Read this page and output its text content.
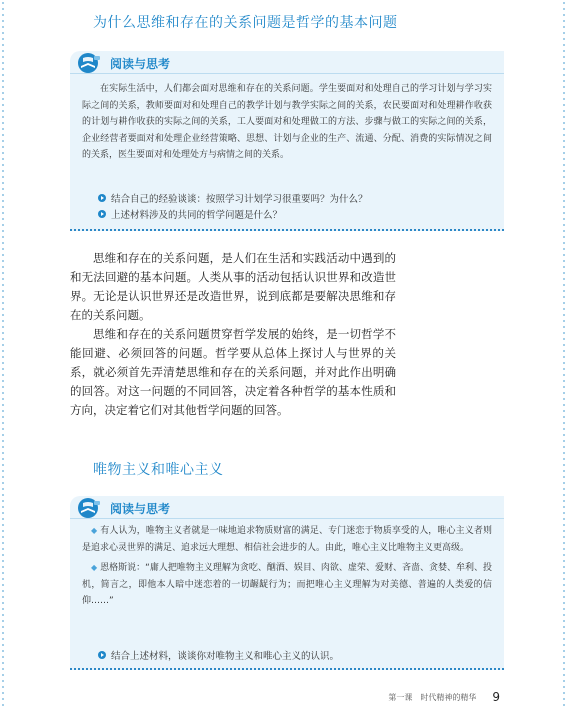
为什么思维和存在的关系问题是哲学的基本问题
阅读与思考
在实际生活中，人们都会面对思维和存在的关系问题。学生要面对和处理自己的学习计划与学习实际之间的关系，教师要面对和处理自己的教学计划与教学实际之间的关系，农民要面对和处理耕作收获的计划与耕作收获的实际之间的关系，工人要面对和处理做工的方法、步骤与做工的实际之间的关系，企业经营者要面对和处理企业经营策略、思想、计划与企业的生产、流通、分配、消费的实际情况之间的关系，医生要面对和处理处方与病情之间的关系。
结合自己的经验谈谈：按照学习计划学习很重要吗？为什么？
上述材料涉及的共同的哲学问题是什么？

思维和存在的关系问题，是人们在生活和实践活动中遇到的和无法回避的基本问题。人类从事的活动包括认识世界和改造世界。无论是认识世界还是改造世界，说到底都是要解决思维和存在的关系问题。

思维和存在的关系问题贯穿哲学发展的始终，是一切哲学不能回避、必须回答的问题。哲学要从总体上探讨人与世界的关系，就必须首先弄清楚思维和存在的关系问题，并对此作出明确的回答。对这一问题的不同回答，决定着各种哲学的基本性质和方向，决定着它们对其他哲学问题的回答。

唯物主义和唯心主义
阅读与思考
◆ 有人认为，唯物主义者就是一味地追求物质财富的满足、专门迷恋于物质享受的人，唯心主义者则是追求心灵世界的满足、追求远大理想、相信社会进步的人。由此，唯心主义比唯物主义更高级。
◆ 恩格斯说：“庸人把唯物主义理解为贪吃、酗酒、娱目、肉欲、虚荣、爱财、吝啬、贪婪、牟利、投机，简言之，即他本人暗中迷恋着的一切龌龊行为；而把唯心主义理解为对美德、普遍的人类爱的信仰……”
结合上述材料，谈谈你对唯物主义和唯心主义的认识。
第一课　时代精神的精华 9
